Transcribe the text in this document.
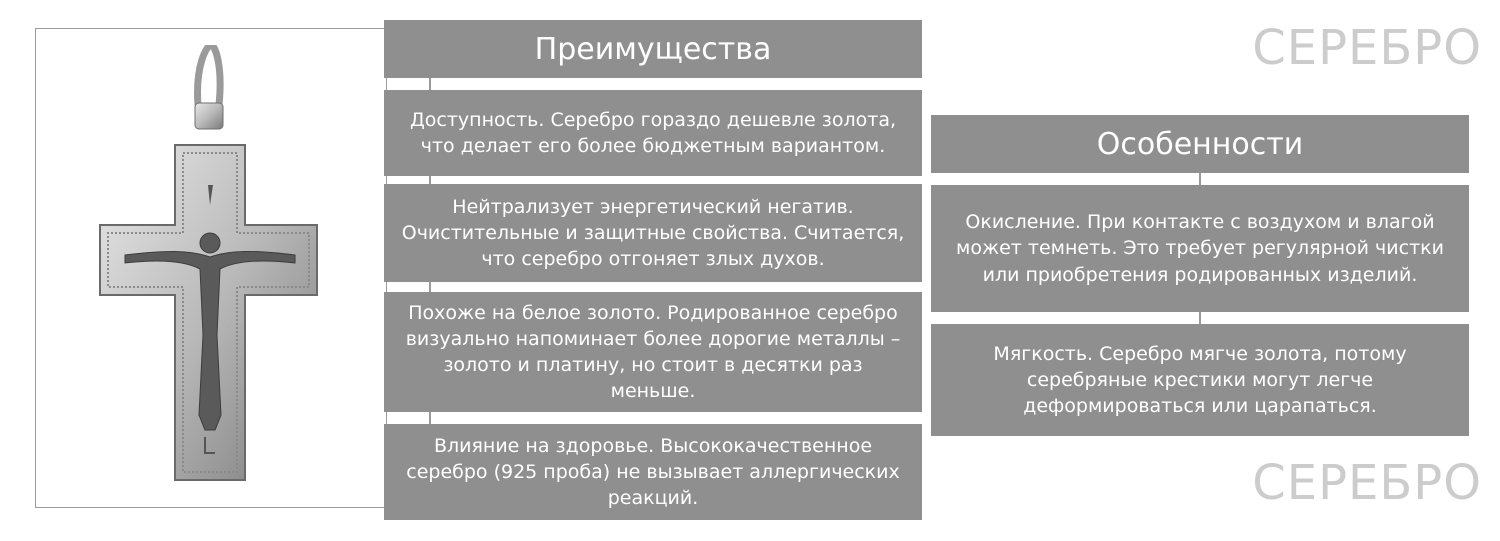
СЕРЕБРО
СЕРЕБРО
Преимущества
Доступность. Серебро гораздо дешевле золота, что делает его более бюджетным вариантом.
Нейтрализует энергетический негатив. Очистительные и защитные свойства. Считается, что серебро отгоняет злых духов.
Похоже на белое золото. Родированное серебро визуально напоминает более дорогие металлы – золото и платину, но стоит в десятки раз меньше.
Влияние на здоровье. Высококачественное серебро (925 проба) не вызывает аллергических реакций.
Особенности
Окисление. При контакте с воздухом и влагой может темнеть. Это требует регулярной чистки или приобретения родированных изделий.
Мягкость. Серебро мягче золота, потому серебряные крестики могут легче деформироваться или царапаться.
